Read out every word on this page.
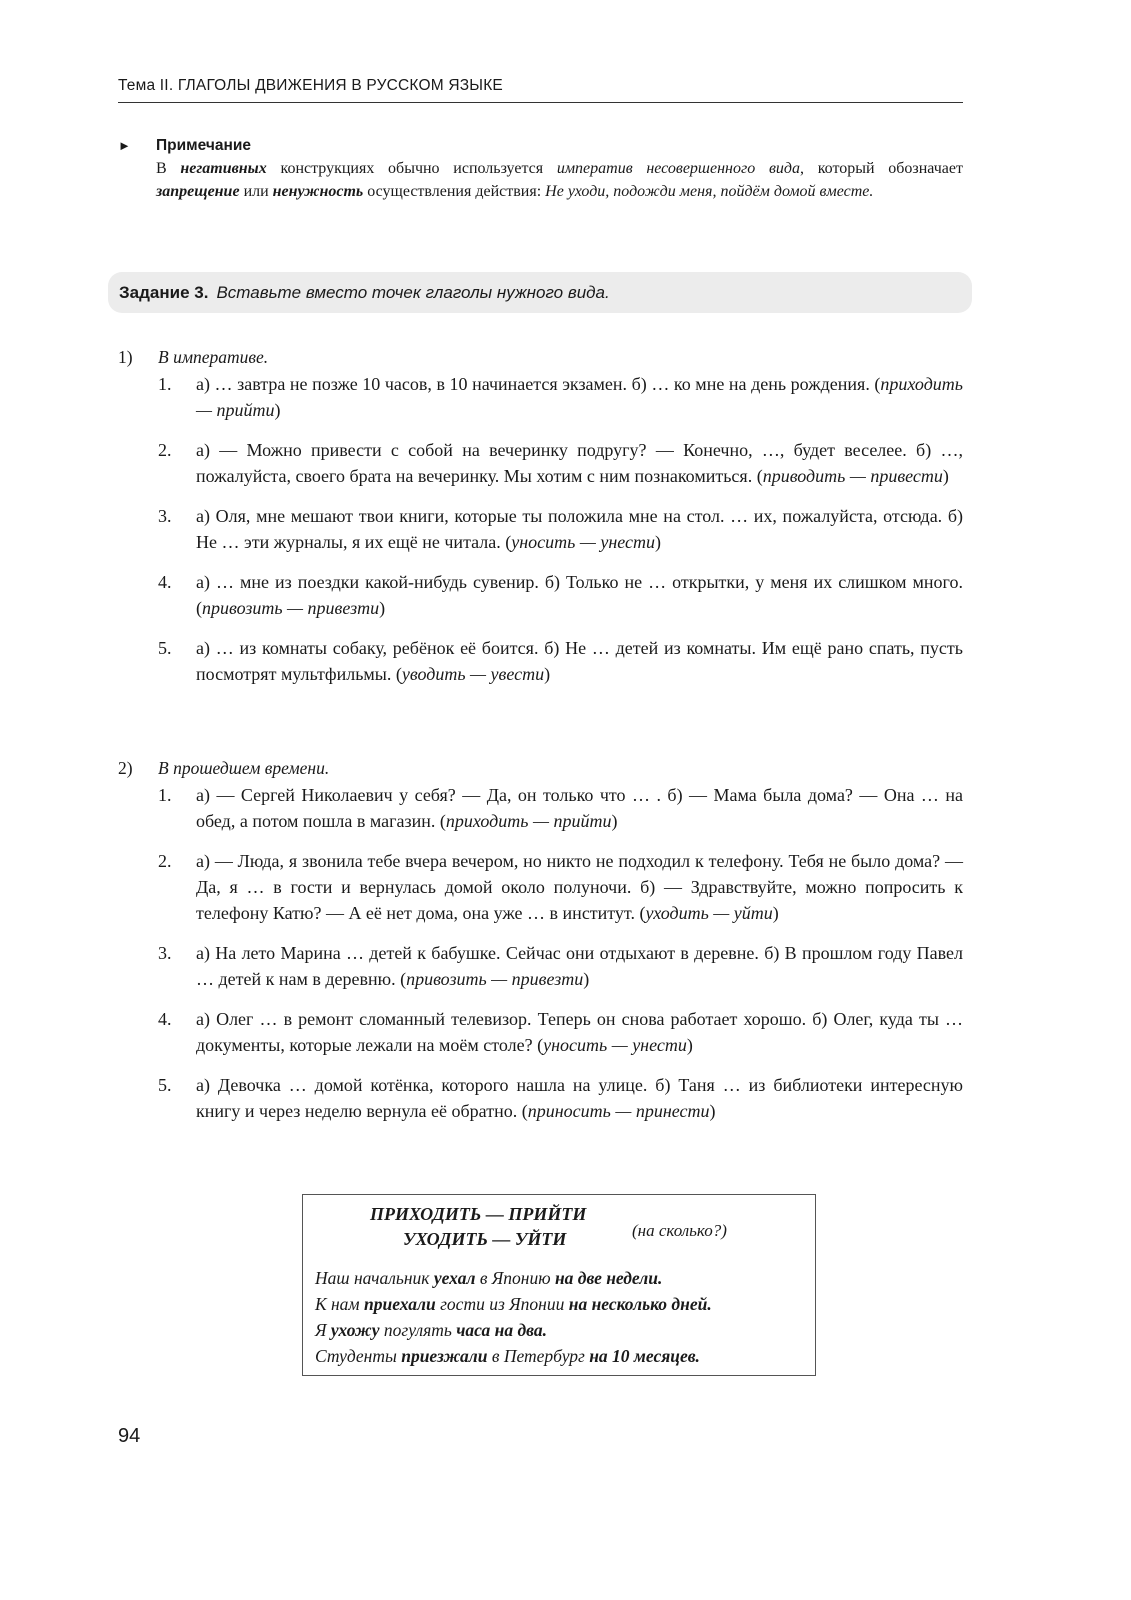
Тема II. ГЛАГОЛЫ ДВИЖЕНИЯ В РУССКОМ ЯЗЫКЕ
► Примечание
В негативных конструкциях обычно используется императив несовершенного вида, который обозначает запрещение или ненужность осуществления действия: Не уходи, подожди меня, пойдём домой вместе.
Задание 3. Вставьте вместо точек глаголы нужного вида.
1) В императиве.
1.	а) … завтра не позже 10 часов, в 10 начинается экзамен. б) … ко мне на день рождения. (приходить — прийти)
2.	а) — Можно привести с собой на вечеринку подругу? — Конечно, …, будет веселее. б) …, пожалуйста, своего брата на вечеринку. Мы хотим с ним познакомиться. (приводить — привести)
3.	а) Оля, мне мешают твои книги, которые ты положила мне на стол. … их, пожалуйста, отсюда. б) Не … эти журналы, я их ещё не читала. (уносить — унести)
4.	а) … мне из поездки какой-нибудь сувенир. б) Только не … открытки, у меня их слишком много. (привозить — привезти)
5.	а) … из комнаты собаку, ребёнок её боится. б) Не … детей из комнаты. Им ещё рано спать, пусть посмотрят мультфильмы. (уводить — увести)
2) В прошедшем времени.
1.	а) — Сергей Николаевич у себя? — Да, он только что … . б) — Мама была дома? — Она … на обед, а потом пошла в магазин. (приходить — прийти)
2.	а) — Люда, я звонила тебе вчера вечером, но никто не подходил к телефону. Тебя не было дома? — Да, я … в гости и вернулась домой около полуночи. б) — Здравствуйте, можно попросить к телефону Катю? — А её нет дома, она уже … в институт. (уходить — уйти)
3.	а) На лето Марина … детей к бабушке. Сейчас они отдыхают в деревне. б) В прошлом году Павел … детей к нам в деревню. (привозить — привезти)
4.	а) Олег … в ремонт сломанный телевизор. Теперь он снова работает хорошо. б) Олег, куда ты … документы, которые лежали на моём столе? (уносить — унести)
5.	а) Девочка … домой котёнка, которого нашла на улице. б) Таня … из библиотеки интересную книгу и через неделю вернула её обратно. (приносить — принести)
ПРИХОДИТЬ — ПРИЙТИ
УХОДИТЬ — УЙТИ	(на сколько?)
Наш начальник уехал в Японию на две недели.
К нам приехали гости из Японии на несколько дней.
Я ухожу погулять часа на два.
Студенты приезжали в Петербург на 10 месяцев.
94
